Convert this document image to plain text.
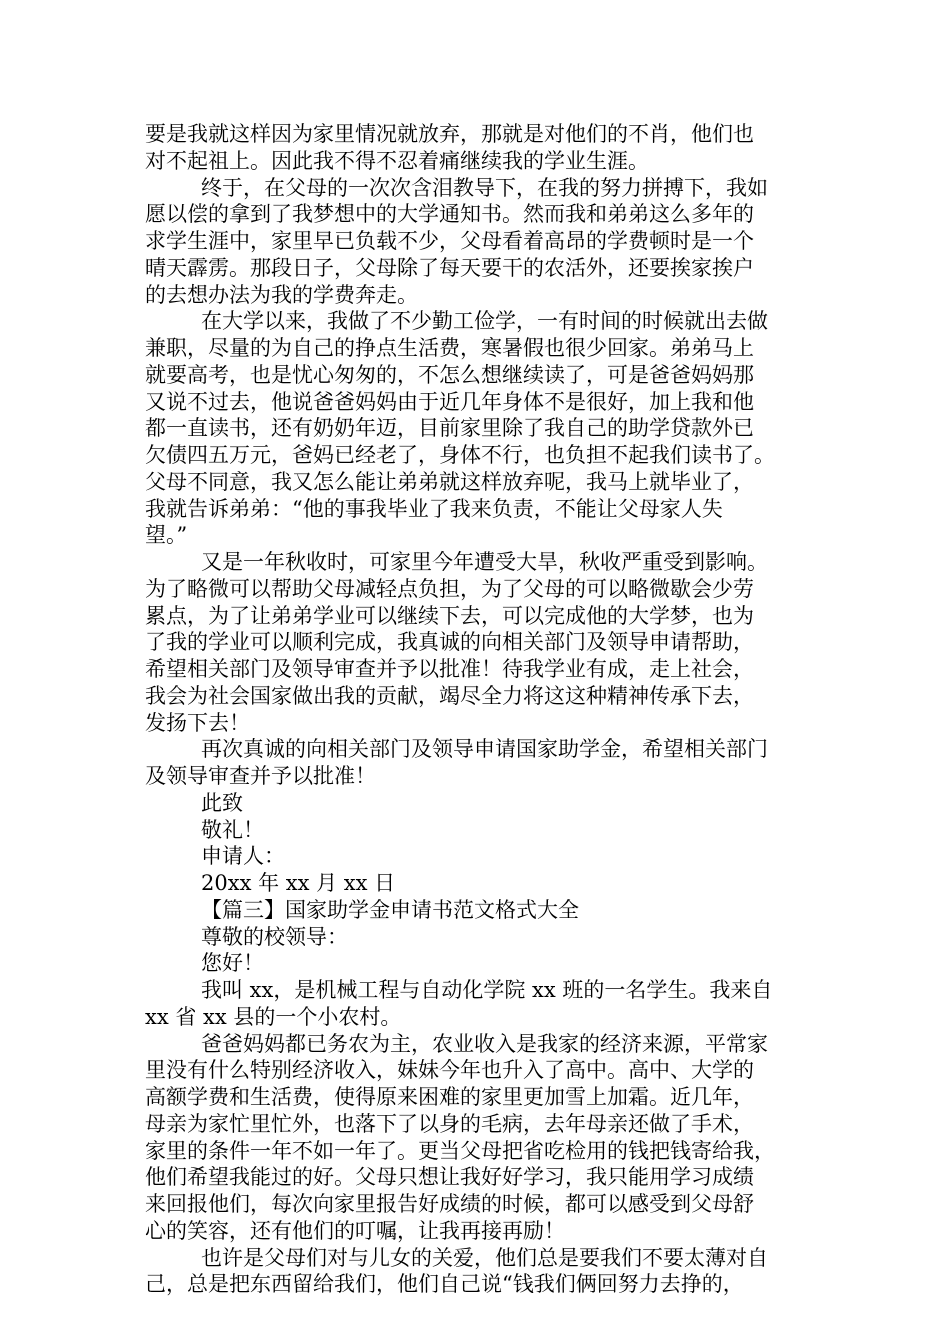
要是我就这样因为家里情况就放弃，那就是对他们的不肖，他们也
对不起祖上。因此我不得不忍着痛继续我的学业生涯。
终于，在父母的一次次含泪教导下，在我的努力拼搏下，我如
愿以偿的拿到了我梦想中的大学通知书。然而我和弟弟这么多年的
求学生涯中，家里早已负载不少，父母看着高昂的学费顿时是一个
晴天霹雳。那段日子，父母除了每天要干的农活外，还要挨家挨户
的去想办法为我的学费奔走。
在大学以来，我做了不少勤工俭学，一有时间的时候就出去做
兼职，尽量的为自己的挣点生活费，寒暑假也很少回家。弟弟马上
就要高考，也是忧心匆匆的，不怎么想继续读了，可是爸爸妈妈那
又说不过去，他说爸爸妈妈由于近几年身体不是很好，加上我和他
都一直读书，还有奶奶年迈，目前家里除了我自己的助学贷款外已
欠债四五万元，爸妈已经老了，身体不行，也负担不起我们读书了。
父母不同意，我又怎么能让弟弟就这样放弃呢，我马上就毕业了，
我就告诉弟弟：“他的事我毕业了我来负责，不能让父母家人失
望。”
又是一年秋收时，可家里今年遭受大旱，秋收严重受到影响。
为了略微可以帮助父母减轻点负担，为了父母的可以略微歇会少劳
累点，为了让弟弟学业可以继续下去，可以完成他的大学梦，也为
了我的学业可以顺利完成，我真诚的向相关部门及领导申请帮助，
希望相关部门及领导审查并予以批准！待我学业有成，走上社会，
我会为社会国家做出我的贡献，竭尽全力将这这种精神传承下去，
发扬下去！
再次真诚的向相关部门及领导申请国家助学金，希望相关部门
及领导审查并予以批准！
此致
敬礼！
申请人：
20xx 年 xx 月 xx 日
【篇三】国家助学金申请书范文格式大全
尊敬的校领导：
您好！
我叫 xx，是机械工程与自动化学院 xx 班的一名学生。我来自
xx 省 xx 县的一个小农村。
爸爸妈妈都已务农为主，农业收入是我家的经济来源，平常家
里没有什么特别经济收入，妹妹今年也升入了高中。高中、大学的
高额学费和生活费，使得原来困难的家里更加雪上加霜。近几年，
母亲为家忙里忙外，也落下了以身的毛病，去年母亲还做了手术，
家里的条件一年不如一年了。更当父母把省吃检用的钱把钱寄给我，
他们希望我能过的好。父母只想让我好好学习，我只能用学习成绩
来回报他们，每次向家里报告好成绩的时候，都可以感受到父母舒
心的笑容，还有他们的叮嘱，让我再接再励！
也许是父母们对与儿女的关爱，他们总是要我们不要太薄对自
己，总是把东西留给我们，他们自己说“钱我们俩回努力去挣的，
